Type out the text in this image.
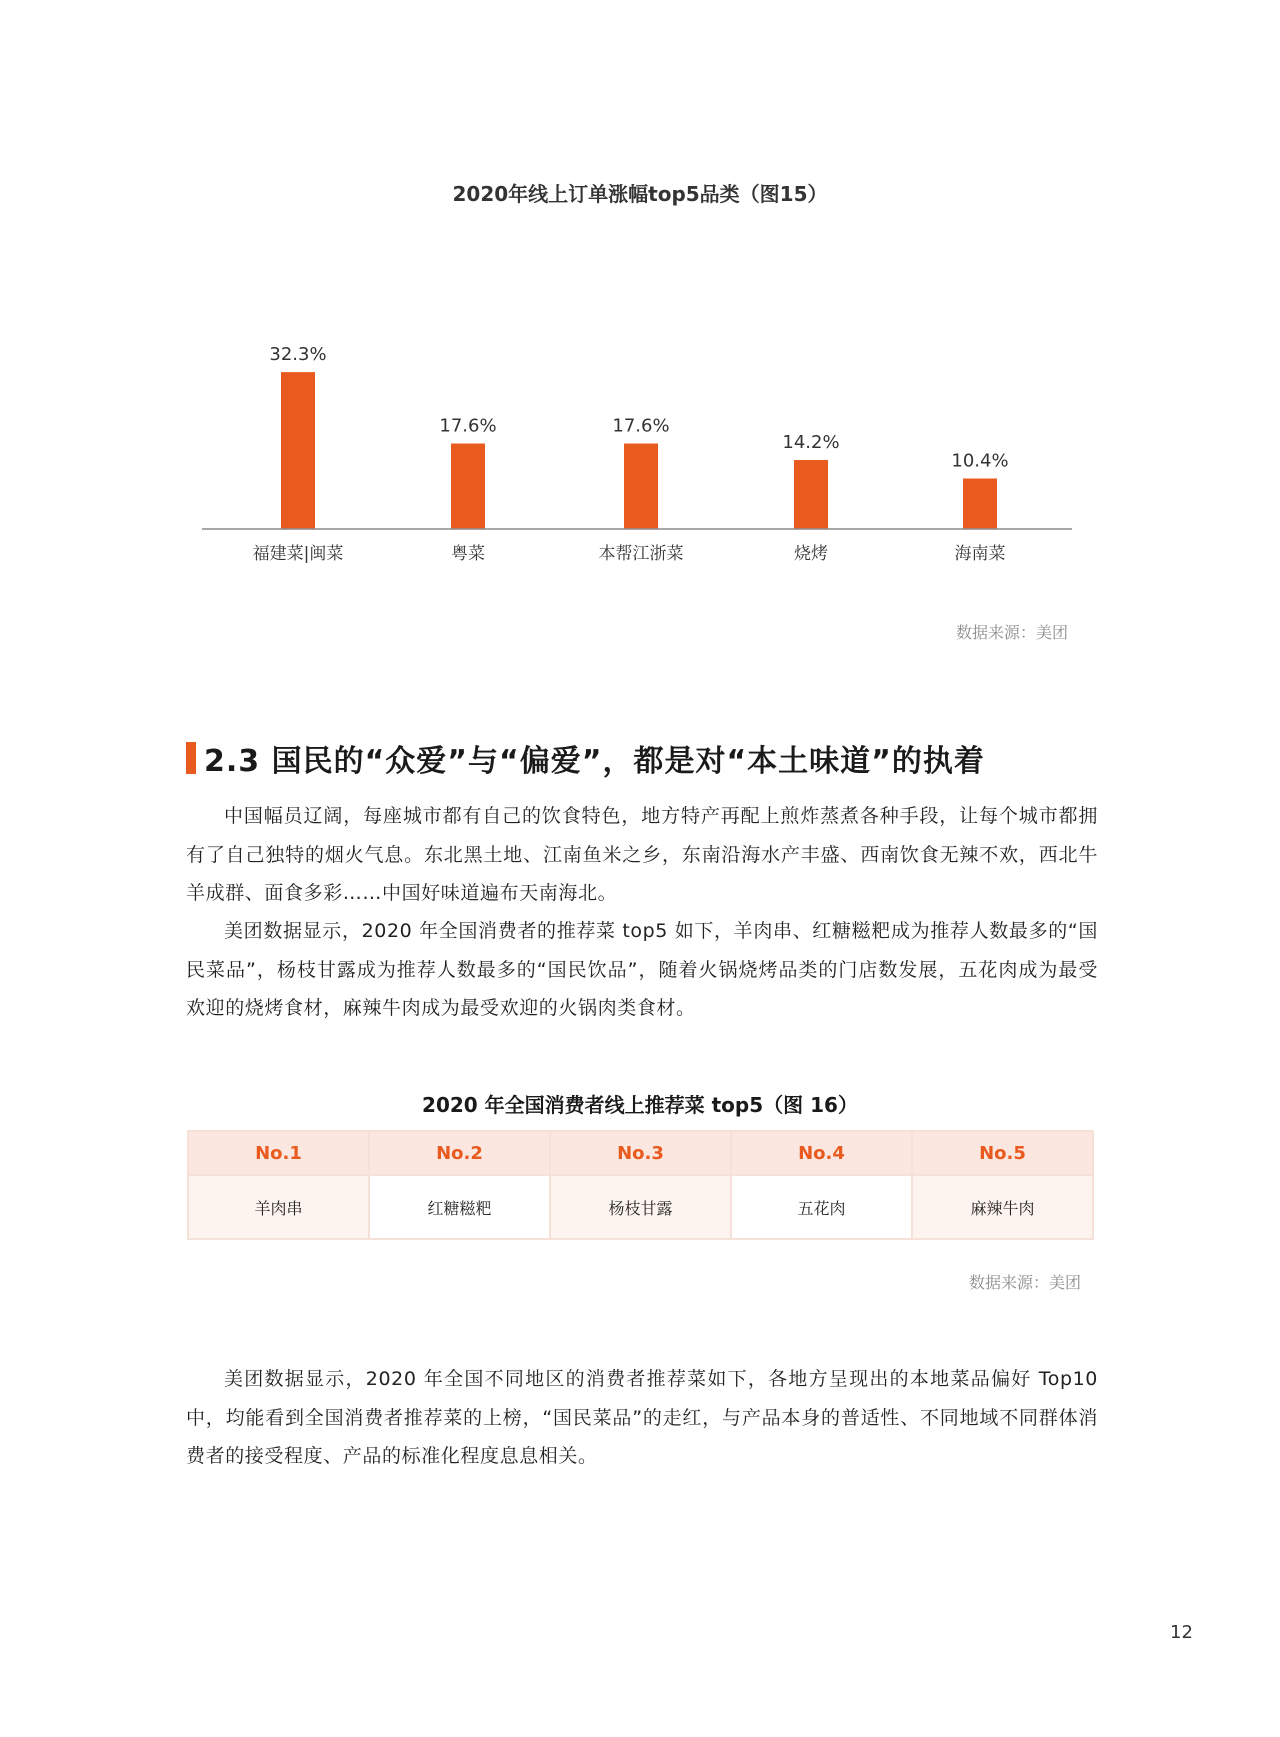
2020年线上订单涨幅top5品类（图15）
32.3%
福建菜|闽菜
17.6%
粤菜
17.6%
本帮江浙菜
14.2%
烧烤
10.4%
海南菜
数据来源：美团
2.3 国民的“众爱”与“偏爱”，都是对“本土味道”的执着

中国幅员辽阔，每座城市都有自己的饮食特色，地方特产再配上煎炸蒸煮各种手段，让每个城市都拥有了自己独特的烟火气息。东北黑土地、江南鱼米之乡，东南沿海水产丰盛、西南饮食无辣不欢，西北牛羊成群、面食多彩……中国好味道遍布天南海北。

美团数据显示，2020 年全国消费者的推荐菜 top5 如下，羊肉串、红糖糍粑成为推荐人数最多的“国民菜品”，杨枝甘露成为推荐人数最多的“国民饮品”，随着火锅烧烤品类的门店数发展，五花肉成为最受欢迎的烧烤食材，麻辣牛肉成为最受欢迎的火锅肉类食材。

2020 年全国消费者线上推荐菜 top5（图 16）
No.1	No.2	No.3	No.4	No.5
羊肉串	红糖糍粑	杨枝甘露	五花肉	麻辣牛肉
数据来源：美团

美团数据显示，2020 年全国不同地区的消费者推荐菜如下，各地方呈现出的本地菜品偏好 Top10 中，均能看到全国消费者推荐菜的上榜，“国民菜品”的走红，与产品本身的普适性、不同地域不同群体消费者的接受程度、产品的标准化程度息息相关。

12
